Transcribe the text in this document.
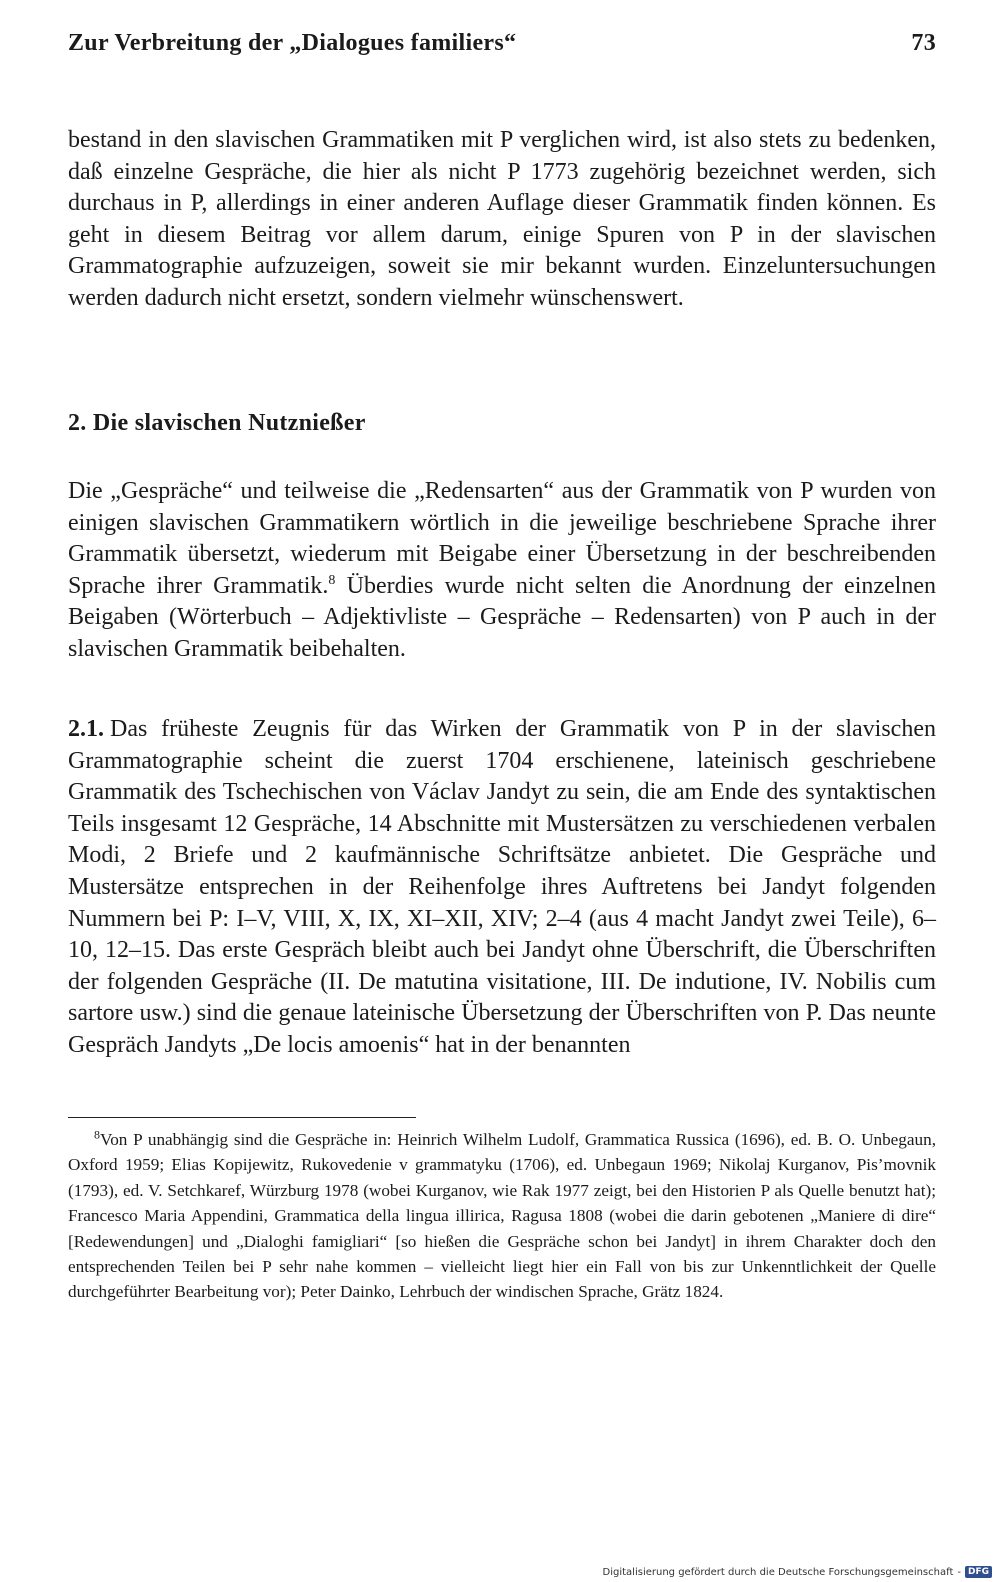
Zur Verbreitung der „Dialogues familiers“	73

bestand in den slavischen Grammatiken mit P verglichen wird, ist also stets zu bedenken, daß einzelne Gespräche, die hier als nicht P 1773 zugehörig bezeichnet werden, sich durchaus in P, allerdings in einer anderen Auflage dieser Grammatik finden können. Es geht in diesem Beitrag vor allem darum, einige Spuren von P in der slavischen Grammatographie aufzuzeigen, soweit sie mir bekannt wurden. Einzeluntersuchungen werden dadurch nicht ersetzt, sondern vielmehr wünschenswert.

2. Die slavischen Nutznießer

Die „Gespräche“ und teilweise die „Redensarten“ aus der Grammatik von P wurden von einigen slavischen Grammatikern wörtlich in die jeweilige beschriebene Sprache ihrer Grammatik übersetzt, wiederum mit Beigabe einer Übersetzung in der beschreibenden Sprache ihrer Grammatik.$^8$ Überdies wurde nicht selten die Anordnung der einzelnen Beigaben (Wörterbuch – Adjektivliste – Gespräche – Redensarten) von P auch in der slavischen Grammatik beibehalten.

2.1. Das früheste Zeugnis für das Wirken der Grammatik von P in der slavischen Grammatographie scheint die zuerst 1704 erschienene, lateinisch geschriebene Grammatik des Tschechischen von Václav Jandyt zu sein, die am Ende des syntaktischen Teils insgesamt 12 Gespräche, 14 Abschnitte mit Mustersätzen zu verschiedenen verbalen Modi, 2 Briefe und 2 kaufmännische Schriftsätze anbietet. Die Gespräche und Mustersätze entsprechen in der Reihenfolge ihres Auftretens bei Jandyt folgenden Nummern bei P: I–V, VIII, X, IX, XI–XII, XIV; 2–4 (aus 4 macht Jandyt zwei Teile), 6–10, 12–15. Das erste Gespräch bleibt auch bei Jandyt ohne Überschrift, die Überschriften der folgenden Gespräche (II. De matutina visitatione, III. De indutione, IV. Nobilis cum sartore usw.) sind die genaue lateinische Übersetzung der Überschriften von P. Das neunte Gespräch Jandyts „De locis amoenis“ hat in der benannten

$^8$Von P unabhängig sind die Gespräche in: Heinrich Wilhelm Ludolf, Grammatica Russica (1696), ed. B. O. Unbegaun, Oxford 1959; Elias Kopijewitz, Rukovedenie v grammatyku (1706), ed. Unbegaun 1969; Nikolaj Kurganov, Pis’movnik (1793), ed. V. Setchkaref, Würzburg 1978 (wobei Kurganov, wie Rak 1977 zeigt, bei den Historien P als Quelle benutzt hat); Francesco Maria Appendini, Grammatica della lingua illirica, Ragusa 1808 (wobei die darin gebotenen „Maniere di dire“ [Redewendungen] und „Dialoghi famigliari“ [so hießen die Gespräche schon bei Jandyt] in ihrem Charakter doch den entsprechenden Teilen bei P sehr nahe kommen – vielleicht liegt hier ein Fall von bis zur Unkenntlichkeit der Quelle durchgeführter Bearbeitung vor); Peter Dainko, Lehrbuch der windischen Sprache, Grätz 1824.

Digitalisierung gefördert durch die Deutsche Forschungsgemeinschaft - DFG
